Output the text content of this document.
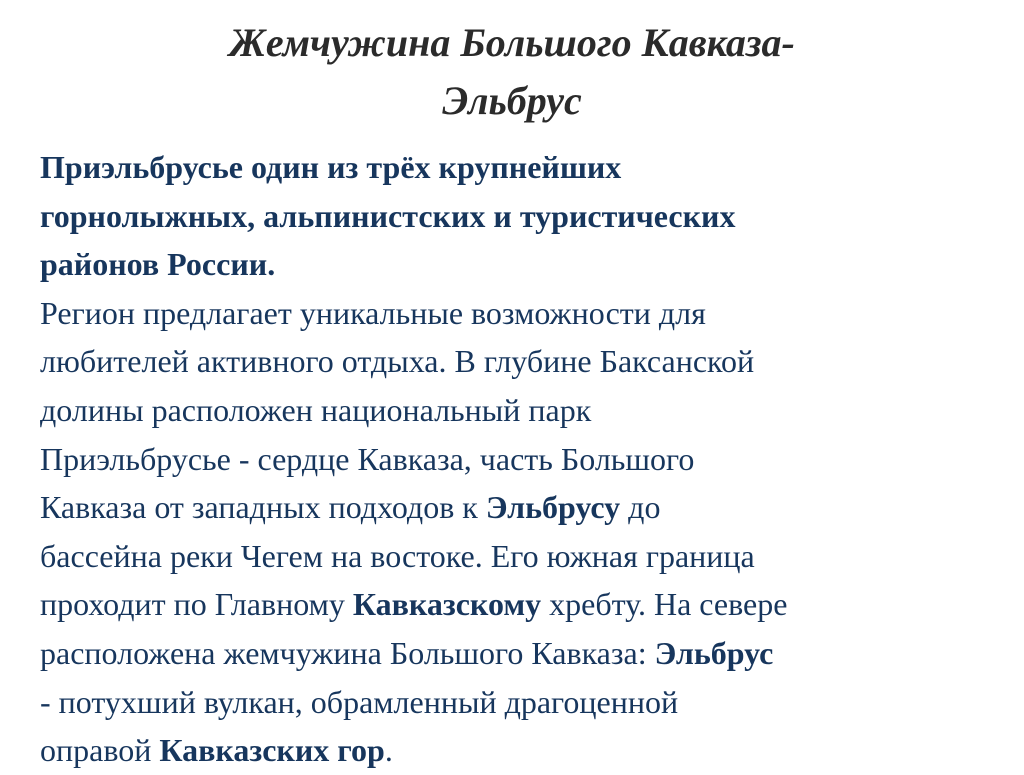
Жемчужина Большого Кавказа-
Эльбрус
Приэльбрусье один из трёх крупнейших
горнолыжных, альпинистских и туристических
районов России.
Регион предлагает уникальные возможности для
любителей активного отдыха. В глубине Баксанской
долины расположен национальный парк
Приэльбрусье - сердце Кавказа, часть Большого
Кавказа от западных подходов к Эльбрусу до
бассейна реки Чегем на востоке. Его южная граница
проходит по Главному Кавказскому хребту. На севере
расположена жемчужина Большого Кавказа: Эльбрус
- потухший вулкан, обрамленный драгоценной
оправой Кавказских гор.
